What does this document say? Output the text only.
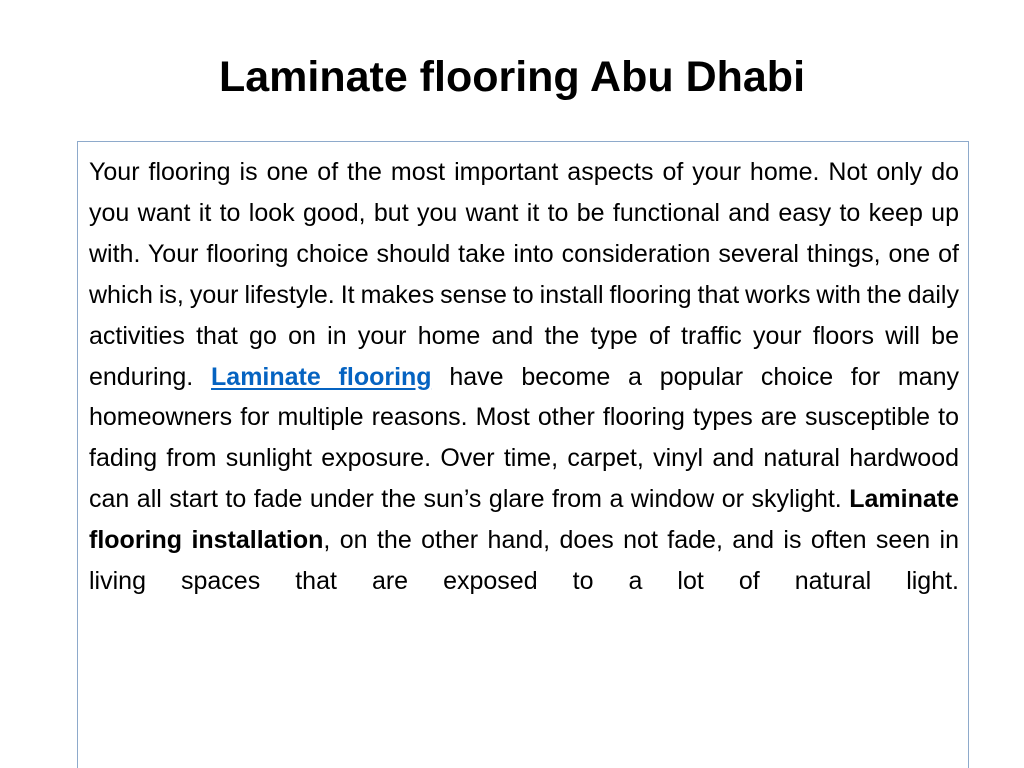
Laminate flooring Abu Dhabi

Your flooring is one of the most important aspects of your home. Not only do you want it to look good, but you want it to be functional and easy to keep up with. Your flooring choice should take into consideration several things, one of which is, your lifestyle. It makes sense to install flooring that works with the daily activities that go on in your home and the type of traffic your floors will be enduring. Laminate flooring have become a popular choice for many homeowners for multiple reasons. Most other flooring types are susceptible to fading from sunlight exposure. Over time, carpet, vinyl and natural hardwood can all start to fade under the sun’s glare from a window or skylight. Laminate flooring installation, on the other hand, does not fade, and is often seen in living spaces that are exposed to a lot of natural light.
